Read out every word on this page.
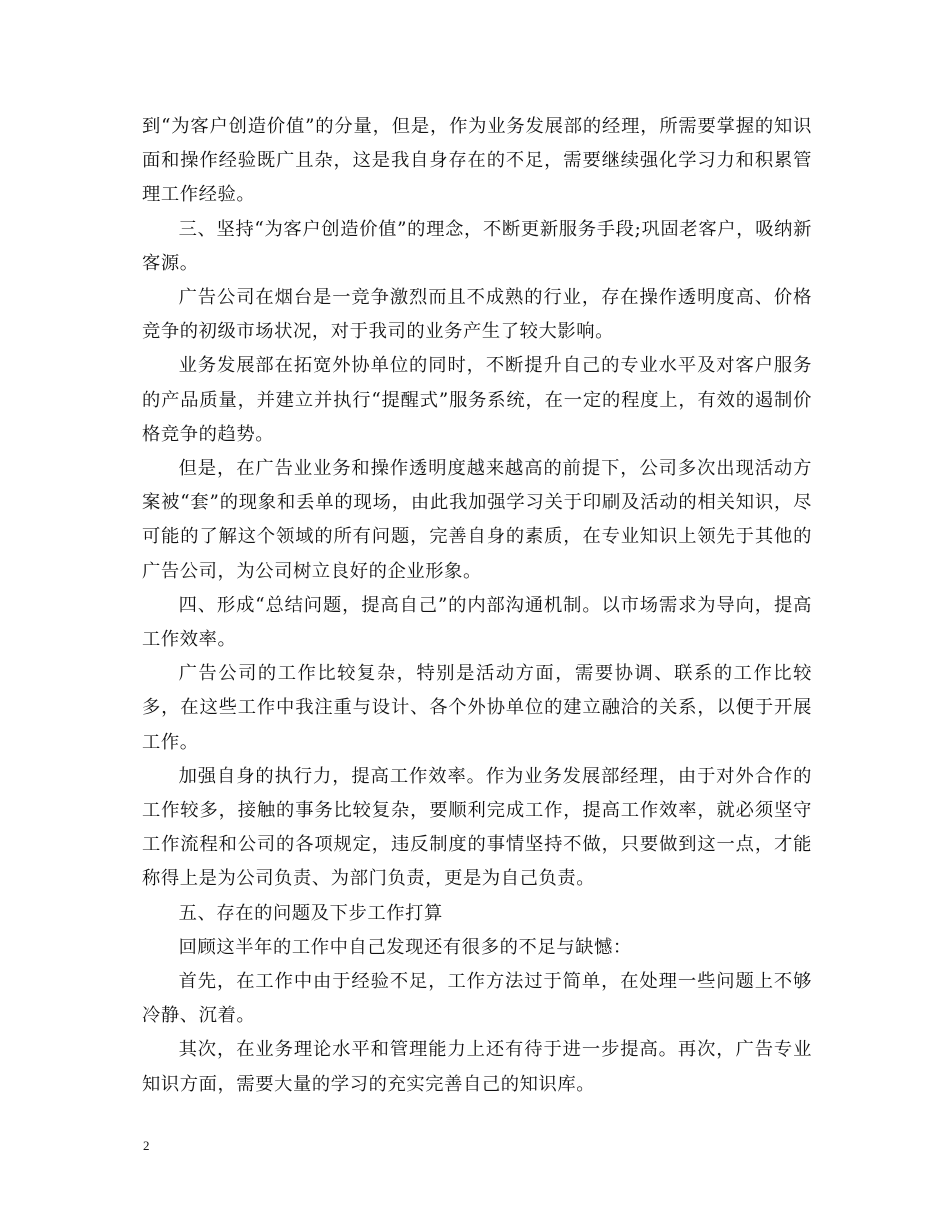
到“为客户创造价值”的分量，但是，作为业务发展部的经理，所需要掌握的知识面和操作经验既广且杂，这是我自身存在的不足，需要继续强化学习力和积累管理工作经验。

三、坚持“为客户创造价值”的理念，不断更新服务手段;巩固老客户，吸纳新客源。

广告公司在烟台是一竞争激烈而且不成熟的行业，存在操作透明度高、价格竞争的初级市场状况，对于我司的业务产生了较大影响。

业务发展部在拓宽外协单位的同时，不断提升自己的专业水平及对客户服务的产品质量，并建立并执行“提醒式”服务系统，在一定的程度上，有效的遏制价格竞争的趋势。

但是，在广告业业务和操作透明度越来越高的前提下，公司多次出现活动方案被“套”的现象和丢单的现场，由此我加强学习关于印刷及活动的相关知识，尽可能的了解这个领域的所有问题，完善自身的素质，在专业知识上领先于其他的广告公司，为公司树立良好的企业形象。

四、形成“总结问题，提高自己”的内部沟通机制。以市场需求为导向，提高工作效率。

广告公司的工作比较复杂，特别是活动方面，需要协调、联系的工作比较多，在这些工作中我注重与设计、各个外协单位的建立融洽的关系，以便于开展工作。

加强自身的执行力，提高工作效率。作为业务发展部经理，由于对外合作的工作较多，接触的事务比较复杂，要顺利完成工作，提高工作效率，就必须坚守工作流程和公司的各项规定，违反制度的事情坚持不做，只要做到这一点，才能称得上是为公司负责、为部门负责，更是为自己负责。

五、存在的问题及下步工作打算

回顾这半年的工作中自己发现还有很多的不足与缺憾：

首先，在工作中由于经验不足，工作方法过于简单，在处理一些问题上不够冷静、沉着。

其次，在业务理论水平和管理能力上还有待于进一步提高。再次，广告专业知识方面，需要大量的学习的充实完善自己的知识库。

2
